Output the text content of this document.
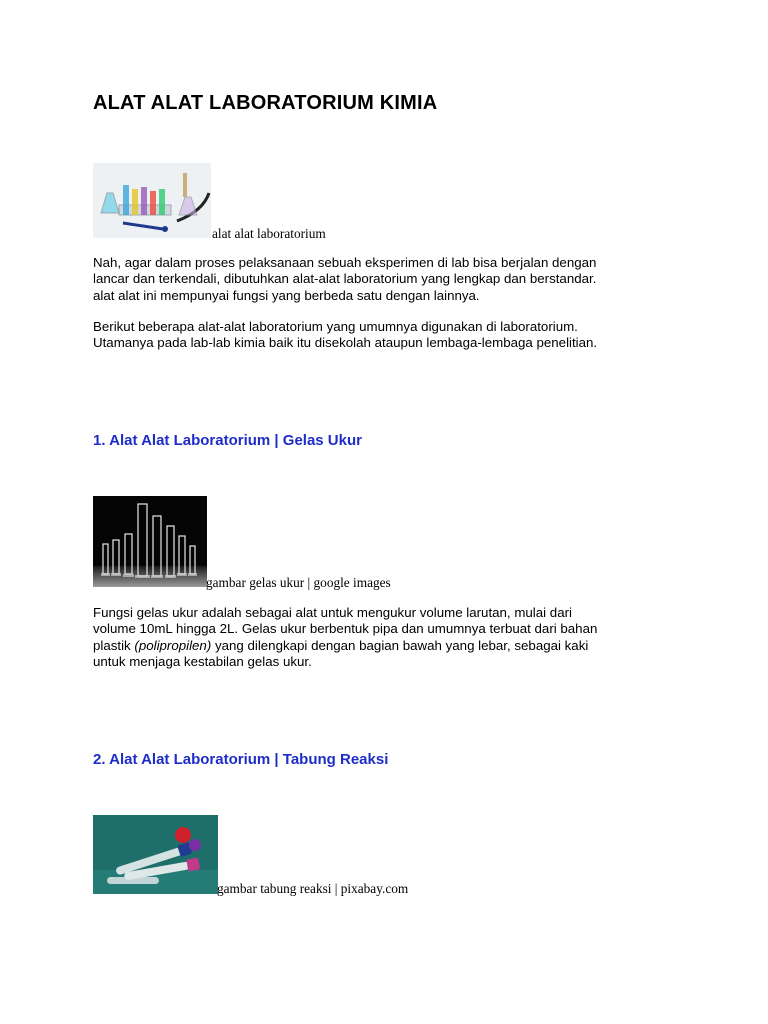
ALAT ALAT LABORATORIUM KIMIA
alat alat laboratorium

Nah, agar dalam proses pelaksanaan sebuah eksperimen di lab bisa berjalan dengan
lancar dan terkendali, dibutuhkan alat-alat laboratorium yang lengkap dan berstandar.
alat alat ini mempunyai fungsi yang berbeda satu dengan lainnya.

Berikut beberapa alat-alat laboratorium yang umumnya digunakan di laboratorium.
Utamanya pada lab-lab kimia baik itu disekolah ataupun lembaga-lembaga penelitian.

1. Alat Alat Laboratorium | Gelas Ukur
gambar gelas ukur | google images

Fungsi gelas ukur adalah sebagai alat untuk mengukur volume larutan, mulai dari
volume 10mL hingga 2L. Gelas ukur berbentuk pipa dan umumnya terbuat dari bahan
plastik (polipropilen) yang dilengkapi dengan bagian bawah yang lebar, sebagai kaki
untuk menjaga kestabilan gelas ukur.

2. Alat Alat Laboratorium | Tabung Reaksi
gambar tabung reaksi | pixabay.com
